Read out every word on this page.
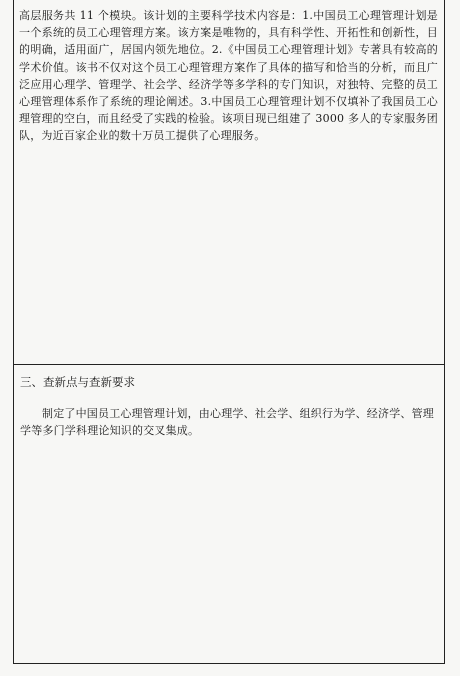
高层服务共 11 个模块。该计划的主要科学技术内容是：1.中国员工心理管理计划是一个系统的员工心理管理方案。该方案是唯物的，具有科学性、开拓性和创新性，目的明确，适用面广，居国内领先地位。2.《中国员工心理管理计划》专著具有较高的学术价值。该书不仅对这个员工心理管理方案作了具体的描写和恰当的分析，而且广泛应用心理学、管理学、社会学、经济学等多学科的专门知识，对独特、完整的员工心理管理体系作了系统的理论阐述。3.中国员工心理管理计划不仅填补了我国员工心理管理的空白，而且经受了实践的检验。该项目现已组建了 3000 多人的专家服务团队，为近百家企业的数十万员工提供了心理服务。

三、查新点与查新要求

制定了中国员工心理管理计划，由心理学、社会学、组织行为学、经济学、管理学等多门学科理论知识的交叉集成。
